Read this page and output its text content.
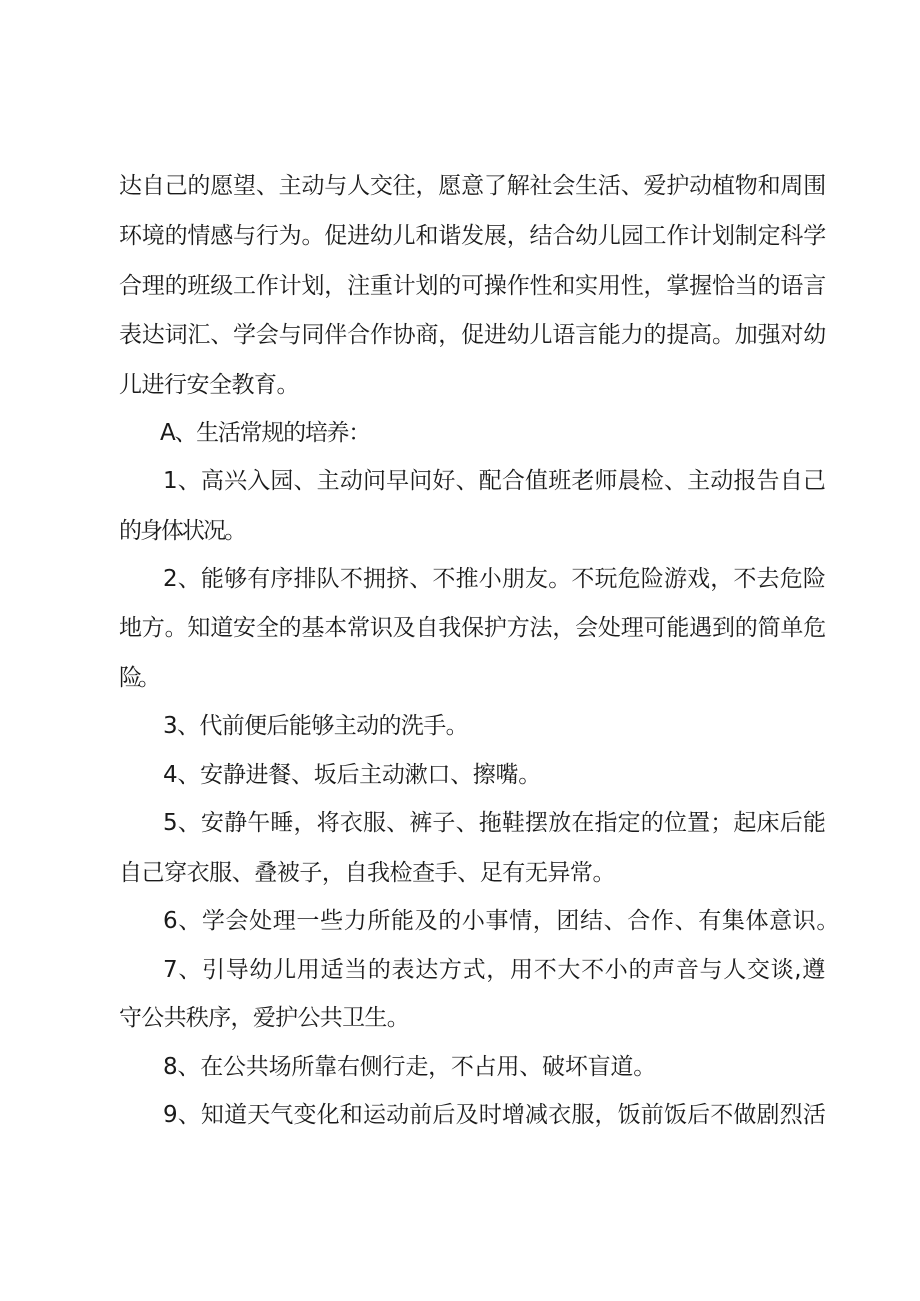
达自己的愿望、主动与人交往，愿意了解社会生活、爱护动植物和周围
环境的情感与行为。促进幼儿和谐发展，结合幼儿园工作计划制定科学
合理的班级工作计划，注重计划的可操作性和实用性，掌握恰当的语言
表达词汇、学会与同伴合作协商，促进幼儿语言能力的提高。加强对幼
儿进行安全教育。
A、生活常规的培养：
1、高兴入园、主动问早问好、配合值班老师晨检、主动报告自己
的身体状况。
2、能够有序排队不拥挤、不推小朋友。不玩危险游戏，不去危险
地方。知道安全的基本常识及自我保护方法，会处理可能遇到的简单危
险。
3、代前便后能够主动的洗手。
4、安静进餐、坂后主动漱口、擦嘴。
5、安静午睡，将衣服、裤子、拖鞋摆放在指定的位置；起床后能
自己穿衣服、叠被子，自我检查手、足有无异常。
6、学会处理一些力所能及的小事情，团结、合作、有集体意识。
7、引导幼儿用适当的表达方式，用不大不小的声音与人交谈,遵
守公共秩序，爱护公共卫生。
8、在公共场所靠右侧行走，不占用、破坏盲道。
9、知道天气变化和运动前后及时增减衣服，饭前饭后不做剧烈活
